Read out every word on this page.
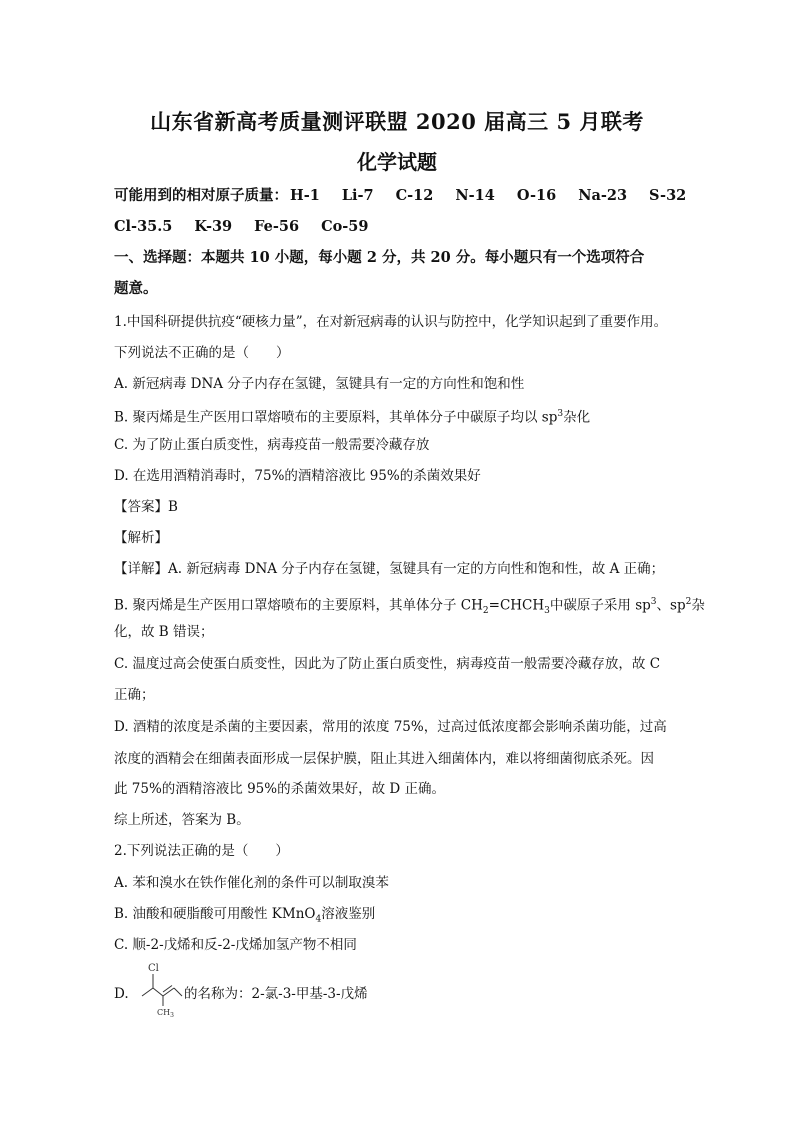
山东省新高考质量测评联盟 2020 届高三 5 月联考
化学试题
可能用到的相对原子质量： H-1 Li-7 C-12 N-14 O-16 Na-23 S-32
Cl-35.5 K-39 Fe-56 Co-59
一、选择题：本题共 10 小题，每小题 2 分，共 20 分。每小题只有一个选项符合
题意。
1.中国科研提供抗疫“硬核力量”，在对新冠病毒的认识与防控中，化学知识起到了重要作用。
下列说法不正确的是（　　）
A. 新冠病毒 DNA 分子内存在氢键，氢键具有一定的方向性和饱和性
B. 聚丙烯是生产医用口罩熔喷布的主要原料，其单体分子中碳原子均以 $sp^3$杂化
C. 为了防止蛋白质变性，病毒疫苗一般需要冷藏存放
D. 在选用酒精消毒时，75%的酒精溶液比 95%的杀菌效果好
【答案】B
【解析】
【详解】A. 新冠病毒 DNA 分子内存在氢键，氢键具有一定的方向性和饱和性，故 A 正确；
B. 聚丙烯是生产医用口罩熔喷布的主要原料，其单体分子 $CH_2=CHCH_3$中碳原子采用 $sp^3$、$sp^2$杂
化，故 B 错误；
C. 温度过高会使蛋白质变性，因此为了防止蛋白质变性，病毒疫苗一般需要冷藏存放，故 C
正确；
D. 酒精的浓度是杀菌的主要因素，常用的浓度 75%，过高过低浓度都会影响杀菌功能，过高
浓度的酒精会在细菌表面形成一层保护膜，阻止其进入细菌体内，难以将细菌彻底杀死。因
此 75%的酒精溶液比 95%的杀菌效果好，故 D 正确。
综上所述，答案为 B。
2.下列说法正确的是（　　）
A. 苯和溴水在铁作催化剂的条件可以制取溴苯
B. 油酸和硬脂酸可用酸性 KMnO$_4$溶液鉴别
C. 顺-2-戊烯和反-2-戊烯加氢产物不相同
D.
Cl
$CH_3$
的名称为：2-氯-3-甲基-3-戊烯
